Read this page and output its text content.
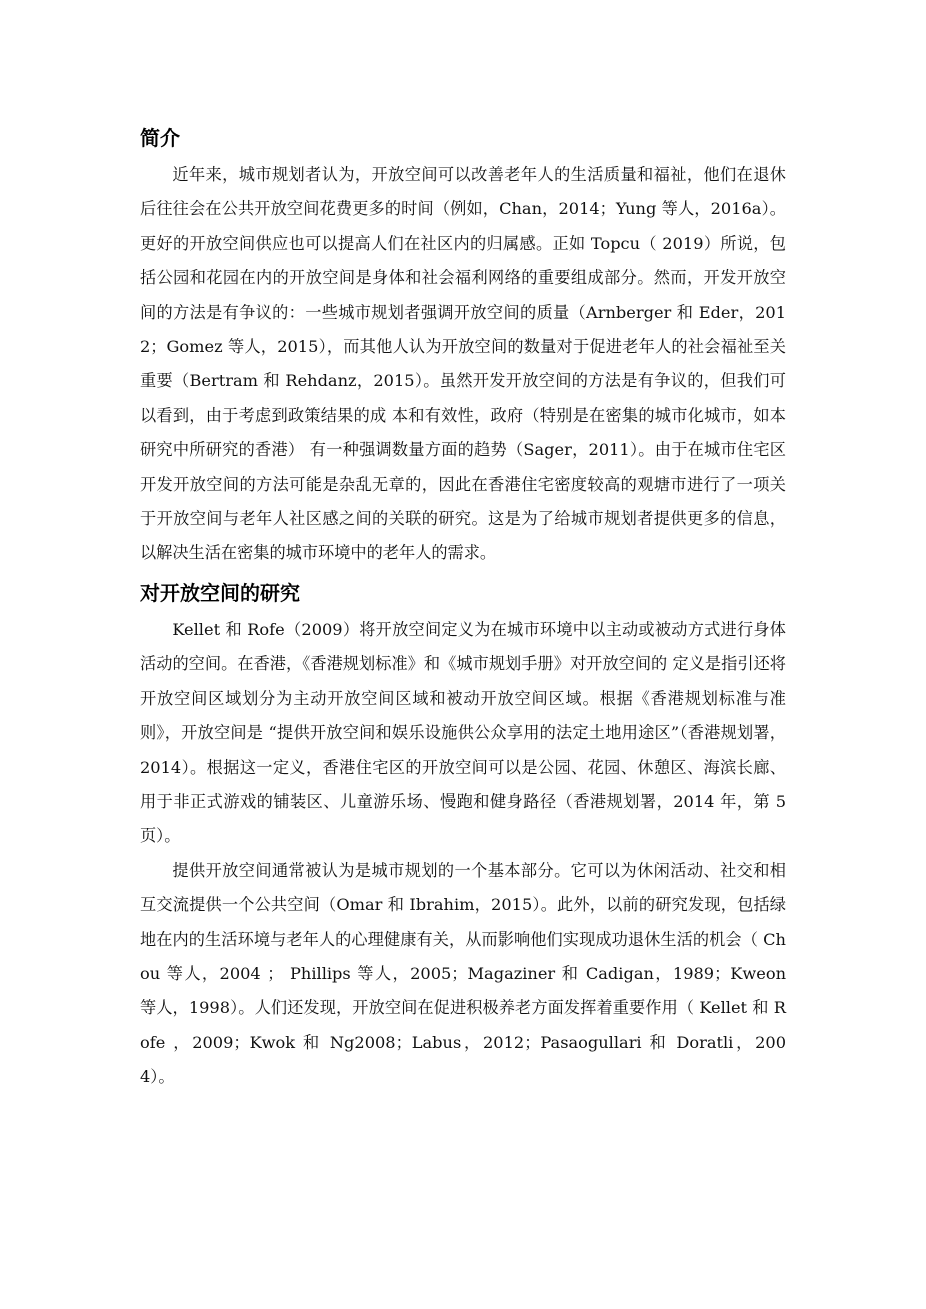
简介

近年来，城市规划者认为，开放空间可以改善老年人的生活质量和福祉，他们在退休后往往会在公共开放空间花费更多的时间（例如，Chan，2014；Yung 等人，2016a）。更好的开放空间供应也可以提高人们在社区内的归属感。正如 Topcu（ 2019）所说，包括公园和花园在内的开放空间是身体和社会福利网络的重要组成部分。然而，开发开放空间的方法是有争议的：一些城市规划者强调开放空间的质量（Arnberger 和 Eder，2012；Gomez 等人，2015），而其他人认为开放空间的数量对于促进老年人的社会福祉至关重要（Bertram 和 Rehdanz，2015）。虽然开发开放空间的方法是有争议的，但我们可以看到，由于考虑到政策结果的成 本和有效性，政府（特别是在密集的城市化城市，如本研究中所研究的香港） 有一种强调数量方面的趋势（Sager，2011）。由于在城市住宅区开发开放空间的方法可能是杂乱无章的，因此在香港住宅密度较高的观塘市进行了一项关于开放空间与老年人社区感之间的关联的研究。这是为了给城市规划者提供更多的信息，以解决生活在密集的城市环境中的老年人的需求。

对开放空间的研究

Kellet 和 Rofe（2009）将开放空间定义为在城市环境中以主动或被动方式进行身体活动的空间。在香港，《香港规划标准》和《城市规划手册》对开放空间的 定义是指引还将开放空间区域划分为主动开放空间区域和被动开放空间区域。根据《香港规划标准与准则》，开放空间是 “提供开放空间和娱乐设施供公众享用的法定土地用途区”（香港规划署，2014）。根据这一定义，香港住宅区的开放空间可以是公园、花园、休憩区、海滨长廊、用于非正式游戏的铺装区、儿童游乐场、慢跑和健身路径（香港规划署，2014 年，第 5 页）。

提供开放空间通常被认为是城市规划的一个基本部分。它可以为休闲活动、社交和相互交流提供一个公共空间（Omar 和 Ibrahim，2015）。此外，以前的研究发现，包括绿地在内的生活环境与老年人的心理健康有关，从而影响他们实现成功退休生活的机会（ Chou 等人，2004 ； Phillips 等人，2005；Magaziner 和 Cadigan，1989；Kweon 等人，1998）。人们还发现，开放空间在促进积极养老方面发挥着重要作用（ Kellet 和 Rofe ，2009；Kwok 和 Ng2008；Labus，2012；Pasaogullari 和 Doratli，2004）。
